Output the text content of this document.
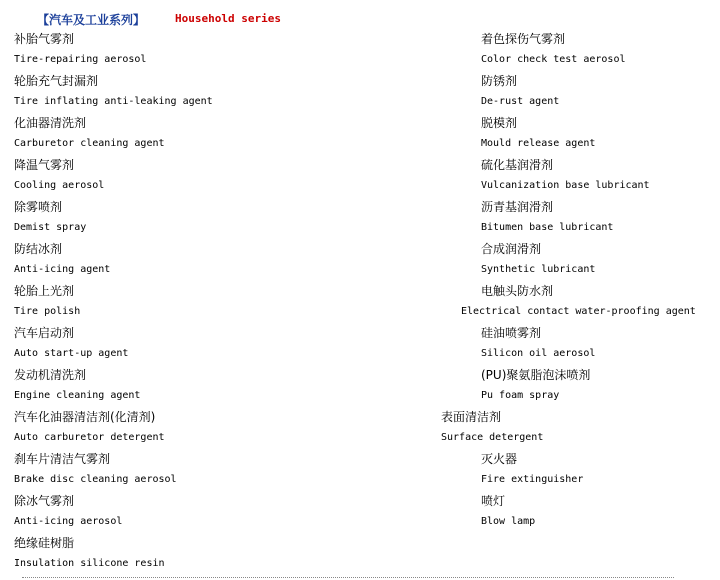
【汽车及工业系列】	Household series
补胎气雾剂	着色探伤气雾剂
Tire-repairing aerosol	Color check test aerosol
轮胎充气封漏剂	防锈剂
Tire inflating anti-leaking agent	De-rust agent
化油器清洗剂	脱模剂
Carburetor cleaning agent	Mould release agent
降温气雾剂	硫化基润滑剂
Cooling aerosol	Vulcanization base lubricant
除雾喷剂	沥青基润滑剂
Demist spray	Bitumen base lubricant
防结冰剂	合成润滑剂
Anti-icing agent	Synthetic lubricant
轮胎上光剂	电触头防水剂
Tire polish	Electrical contact water-proofing agent
汽车启动剂	硅油喷雾剂
Auto start-up agent	Silicon oil aerosol
发动机清洗剂	(PU)聚氨脂泡沫喷剂
Engine cleaning agent	Pu foam spray
汽车化油器清洁剂(化清剂)	表面清洁剂
Auto carburetor detergent	Surface detergent
刹车片清洁气雾剂	灭火器
Brake disc cleaning aerosol	Fire extinguisher
除冰气雾剂	喷灯
Anti-icing aerosol	Blow lamp
绝缘硅树脂
Insulation silicone resin
